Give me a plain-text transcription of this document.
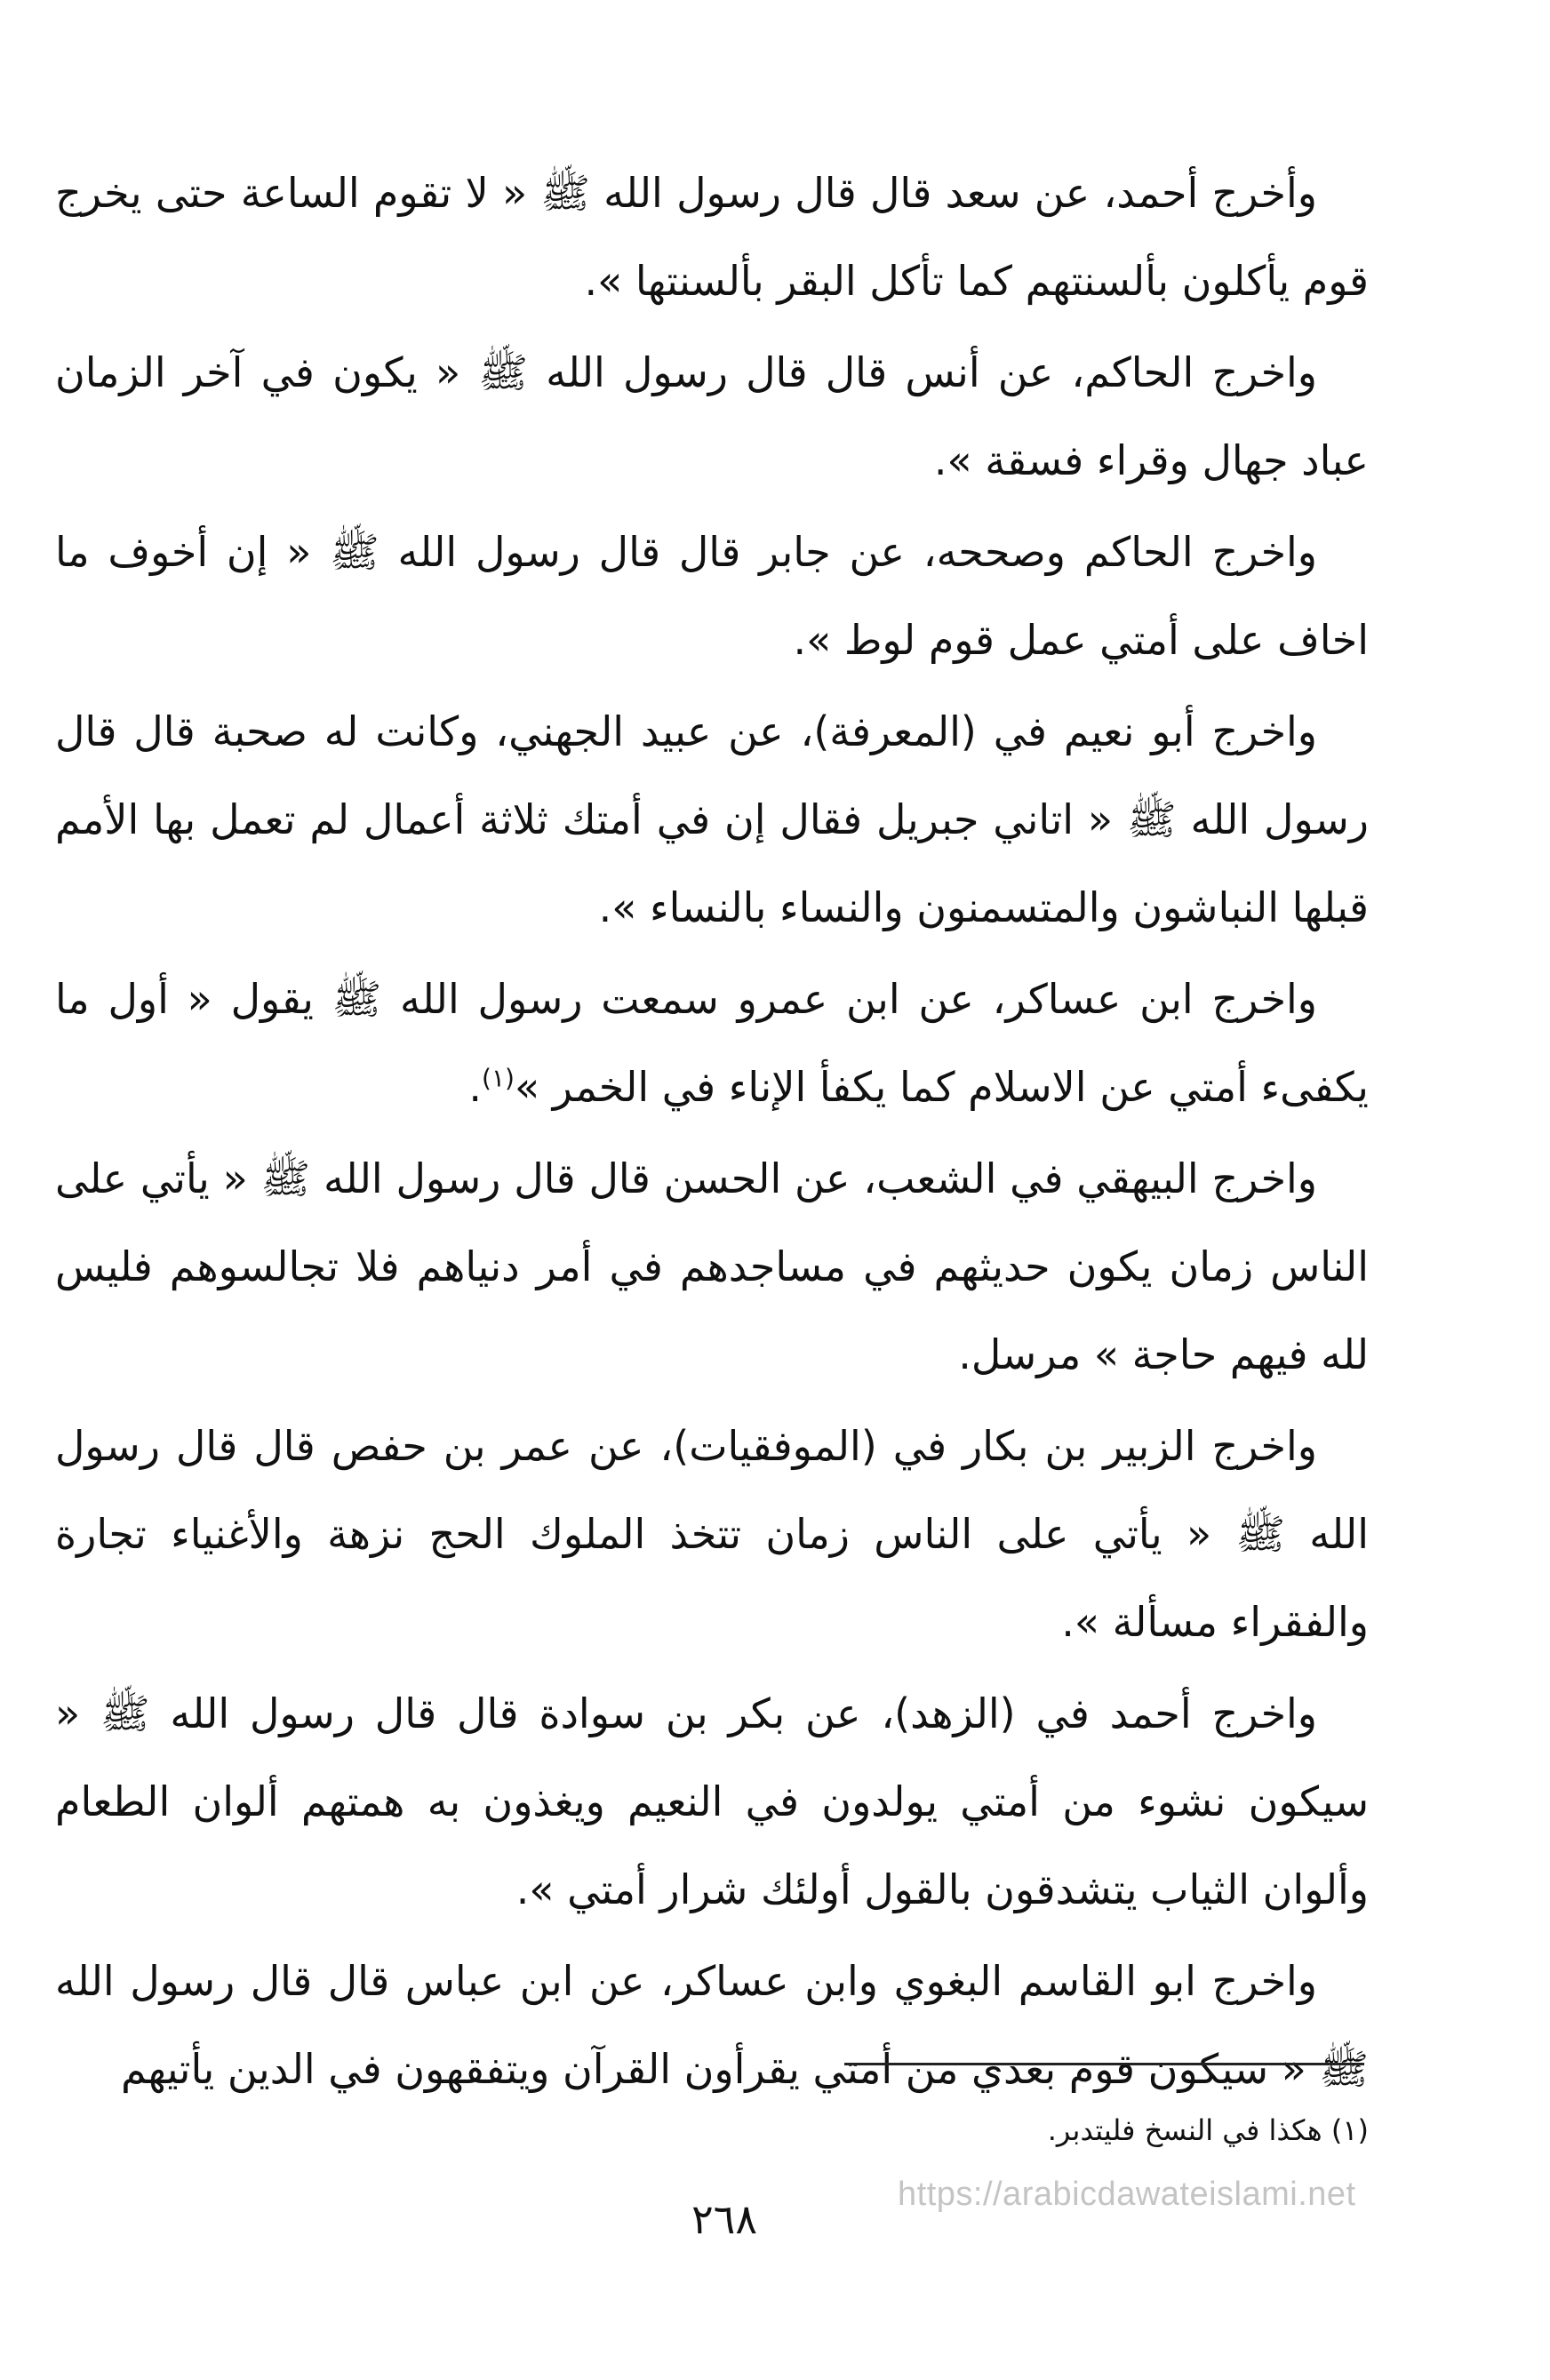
وأخرج أحمد، عن سعد قال قال رسول الله ﷺ « لا تقوم الساعة حتى يخرج قوم يأكلون بألسنتهم كما تأكل البقر بألسنتها ».

واخرج الحاكم، عن أنس قال قال رسول الله ﷺ « يكون في آخر الزمان عباد جهال وقراء فسقة ».

واخرج الحاكم وصححه، عن جابر قال قال رسول الله ﷺ « إن أخوف ما اخاف على أمتي عمل قوم لوط ».

واخرج أبو نعيم في (المعرفة)، عن عبيد الجهني، وكانت له صحبة قال قال رسول الله ﷺ « اتاني جبريل فقال إن في أمتك ثلاثة أعمال لم تعمل بها الأمم قبلها النباشون والمتسمنون والنساء بالنساء ».

واخرج ابن عساكر، عن ابن عمرو سمعت رسول الله ﷺ يقول « أول ما يكفىء أمتي عن الاسلام كما يكفأ الإناء في الخمر »$^{(١)}$.

واخرج البيهقي في الشعب، عن الحسن قال قال رسول الله ﷺ « يأتي على الناس زمان يكون حديثهم في مساجدهم في أمر دنياهم فلا تجالسوهم فليس لله فيهم حاجة » مرسل.

واخرج الزبير بن بكار في (الموفقيات)، عن عمر بن حفص قال قال رسول الله ﷺ « يأتي على الناس زمان تتخذ الملوك الحج نزهة والأغنياء تجارة والفقراء مسألة ».

واخرج أحمد في (الزهد)، عن بكر بن سوادة قال قال رسول الله ﷺ « سيكون نشوء من أمتي يولدون في النعيم ويغذون به همتهم ألوان الطعام وألوان الثياب يتشدقون بالقول أولئك شرار أمتي ».

واخرج ابو القاسم البغوي وابن عساكر، عن ابن عباس قال قال رسول الله ﷺ « سيكون قوم بعدي من أمتي يقرأون القرآن ويتفقهون في الدين يأتيهم

(١) هكذا في النسخ فليتدبر.
https://arabicdawateislami.net
٢٦٨
